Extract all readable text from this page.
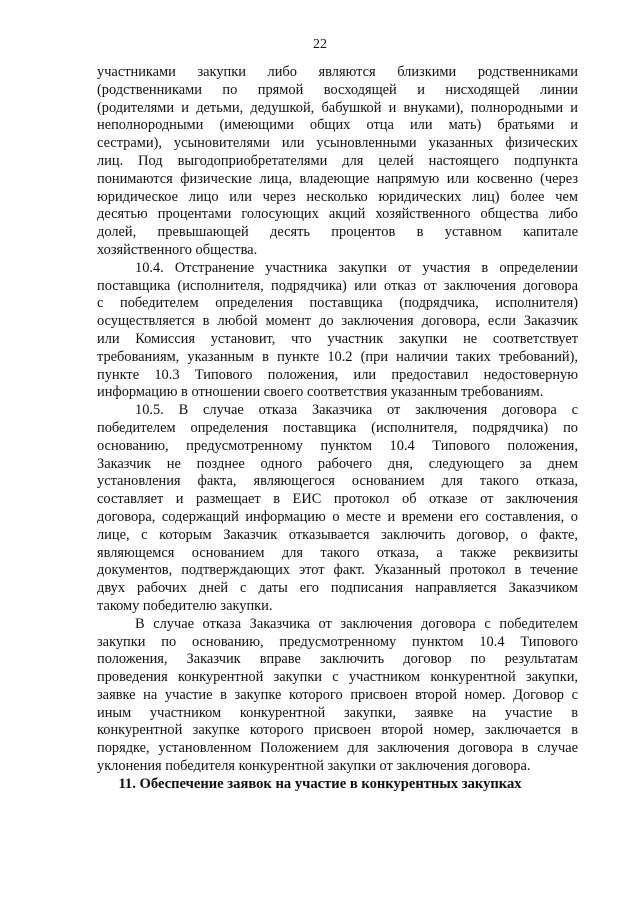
22
участниками закупки либо являются близкими родственниками
(родственниками по прямой восходящей и нисходящей линии
(родителями и детьми, дедушкой, бабушкой и внуками), полнородными и
неполнородными (имеющими общих отца или мать) братьями и
сестрами), усыновителями или усыновленными указанных физических
лиц. Под выгодоприобретателями для целей настоящего подпункта
понимаются физические лица, владеющие напрямую или косвенно (через
юридическое лицо или через несколько юридических лиц) более чем
десятью процентами голосующих акций хозяйственного общества либо
долей, превышающей десять процентов в уставном капитале
хозяйственного общества.
10.4. Отстранение участника закупки от участия в определении
поставщика (исполнителя, подрядчика) или отказ от заключения договора
с победителем определения поставщика (подрядчика, исполнителя)
осуществляется в любой момент до заключения договора, если Заказчик
или Комиссия установит, что участник закупки не соответствует
требованиям, указанным в пункте 10.2 (при наличии таких требований),
пункте 10.3 Типового положения, или предоставил недостоверную
информацию в отношении своего соответствия указанным требованиям.
10.5. В случае отказа Заказчика от заключения договора с
победителем определения поставщика (исполнителя, подрядчика) по
основанию, предусмотренному пунктом 10.4 Типового положения,
Заказчик не позднее одного рабочего дня, следующего за днем
установления факта, являющегося основанием для такого отказа,
составляет и размещает в ЕИС протокол об отказе от заключения
договора, содержащий информацию о месте и времени его составления, о
лице, с которым Заказчик отказывается заключить договор, о факте,
являющемся основанием для такого отказа, а также реквизиты
документов, подтверждающих этот факт. Указанный протокол в течение
двух рабочих дней с даты его подписания направляется Заказчиком
такому победителю закупки.
В случае отказа Заказчика от заключения договора с победителем
закупки по основанию, предусмотренному пунктом 10.4 Типового
положения, Заказчик вправе заключить договор по результатам
проведения конкурентной закупки с участником конкурентной закупки,
заявке на участие в закупке которого присвоен второй номер. Договор с
иным участником конкурентной закупки, заявке на участие в
конкурентной закупке которого присвоен второй номер, заключается в
порядке, установленном Положением для заключения договора в случае
уклонения победителя конкурентной закупки от заключения договора.
11. Обеспечение заявок на участие в конкурентных закупках
